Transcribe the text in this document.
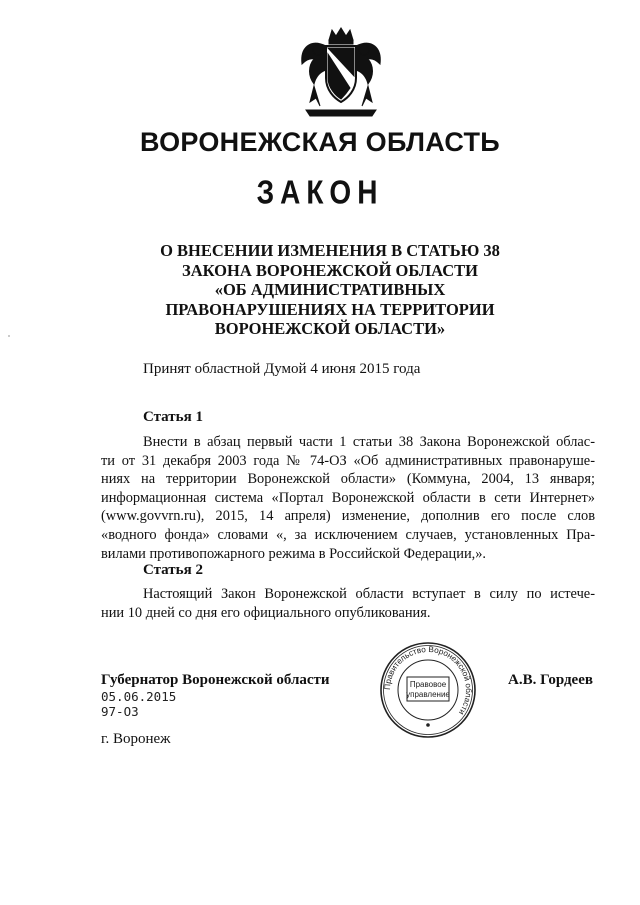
ВОРОНЕЖСКАЯ ОБЛАСТЬ
ЗАКОН
О ВНЕСЕНИИ ИЗМЕНЕНИЯ В СТАТЬЮ 38
ЗАКОНА ВОРОНЕЖСКОЙ ОБЛАСТИ
«ОБ АДМИНИСТРАТИВНЫХ
ПРАВОНАРУШЕНИЯХ НА ТЕРРИТОРИИ
ВОРОНЕЖСКОЙ ОБЛАСТИ»
Принят областной Думой 4 июня 2015 года
Статья 1
Внести в абзац первый части 1 статьи 38 Закона Воронежской облас-
ти от 31 декабря 2003 года № 74-ОЗ «Об административных правонаруше-
ниях на территории Воронежской области» (Коммуна, 2004, 13 января;
информационная система «Портал Воронежской области в сети Интернет»
(www.govvrn.ru), 2015, 14 апреля) изменение, дополнив его после слов
«водного фонда» словами «, за исключением случаев, установленных Пра-
вилами противопожарного режима в Российской Федерации,».
Статья 2
Настоящий Закон Воронежской области вступает в силу по истече-
нии 10 дней со дня его официального опубликования.
Губернатор Воронежской области
05.06.2015
97-ОЗ
А.В. Гордеев
г. Воронеж
Правительство Воронежской области
Правовое
управление
